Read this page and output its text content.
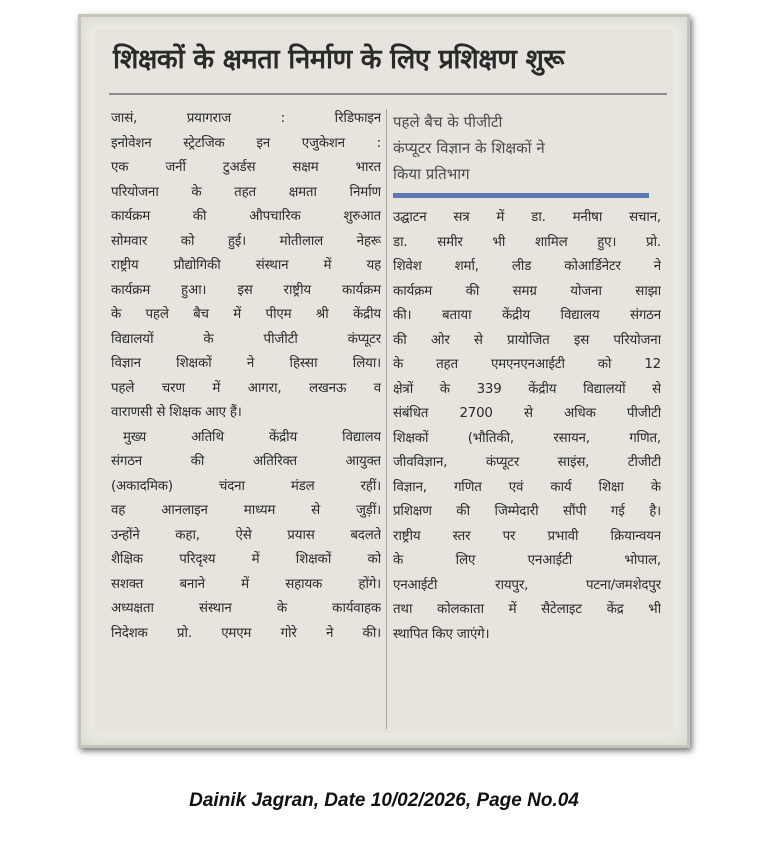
शिक्षकों के क्षमता निर्माण के लिए प्रशिक्षण शुरू
जासं, प्रयागराज : रिडिफाइन
इनोवेशन स्ट्रेटजिक इन एजुकेशन :
एक जर्नी टुअर्डस सक्षम भारत
परियोजना के तहत क्षमता निर्माण
कार्यक्रम की औपचारिक शुरुआत
सोमवार को हुई। मोतीलाल नेहरू
राष्ट्रीय प्रौद्योगिकी संस्थान में यह
कार्यक्रम हुआ। इस राष्ट्रीय कार्यक्रम
के पहले बैच में पीएम श्री केंद्रीय
विद्यालयों के पीजीटी कंप्यूटर
विज्ञान शिक्षकों ने हिस्सा लिया।
पहले चरण में आगरा, लखनऊ व
वाराणसी से शिक्षक आए हैं।
मुख्य अतिथि केंद्रीय विद्यालय
संगठन की अतिरिक्त आयुक्त
(अकादमिक) चंदना मंडल रहीं।
वह आनलाइन माध्यम से जुड़ीं।
उन्होंने कहा, ऐसे प्रयास बदलते
शैक्षिक परिदृश्य में शिक्षकों को
सशक्त बनाने में सहायक होंगे।
अध्यक्षता संस्थान के कार्यवाहक
निदेशक प्रो. एमएम गोरे ने की।
पहले बैच के पीजीटी
कंप्यूटर विज्ञान के शिक्षकों ने
किया प्रतिभाग
उद्घाटन सत्र में डा. मनीषा सचान,
डा. समीर भी शामिल हुए। प्रो.
शिवेश शर्मा, लीड कोआर्डिनेटर ने
कार्यक्रम की समग्र योजना साझा
की। बताया केंद्रीय विद्यालय संगठन
की ओर से प्रायोजित इस परियोजना
के तहत एमएनएनआईटी को 12
क्षेत्रों के 339 केंद्रीय विद्यालयों से
संबंधित 2700 से अधिक पीजीटी
शिक्षकों (भौतिकी, रसायन, गणित,
जीवविज्ञान, कंप्यूटर साइंस, टीजीटी
विज्ञान, गणित एवं कार्य शिक्षा के
प्रशिक्षण की जिम्मेदारी सौंपी गई है।
राष्ट्रीय स्तर पर प्रभावी क्रियान्वयन
के लिए एनआईटी भोपाल,
एनआईटी रायपुर, पटना/जमशेदपुर
तथा कोलकाता में सैटेलाइट केंद्र भी
स्थापित किए जाएंगे।
Dainik Jagran, Date 10/02/2026, Page No.04
